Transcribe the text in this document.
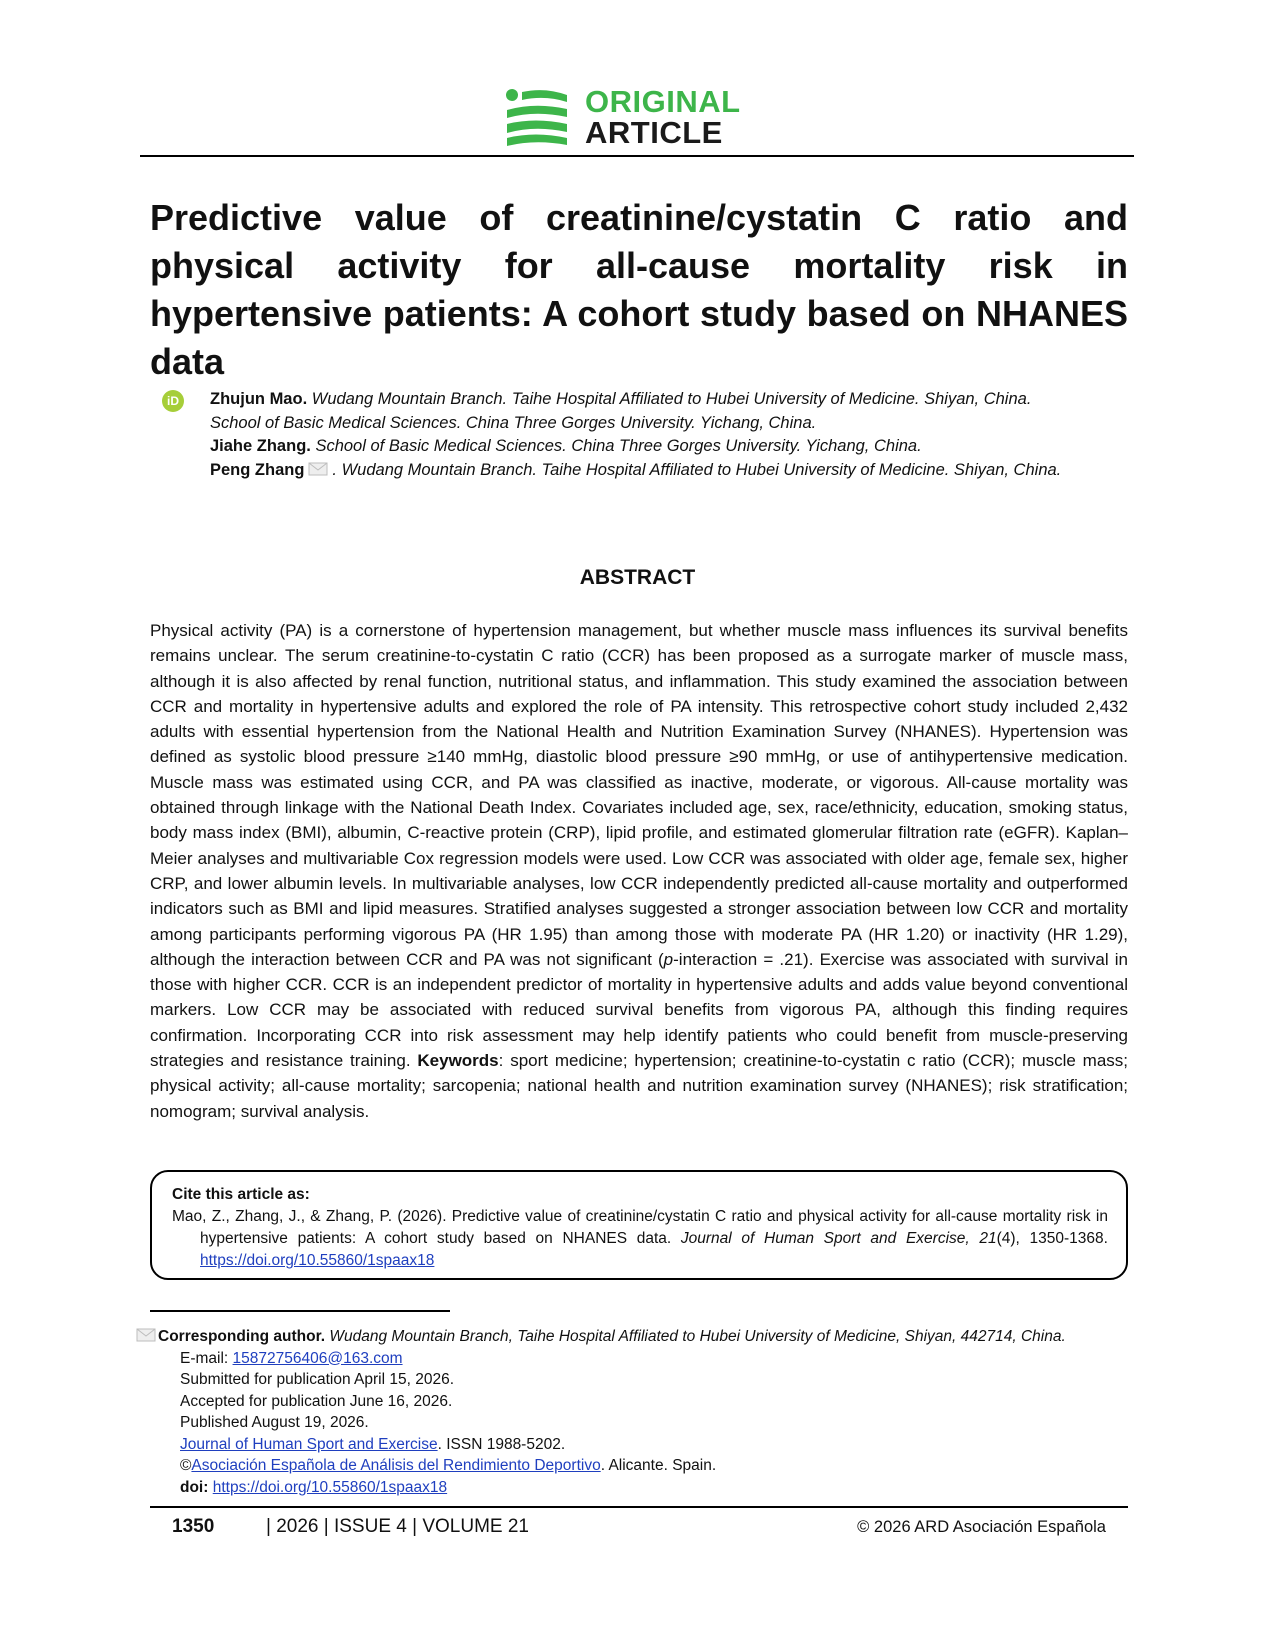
ORIGINAL
ARTICLE
Predictive value of creatinine/cystatin C ratio and physical activity for all-cause mortality risk in hypertensive patients: A cohort study based on NHANES data
iD	Zhujun Mao. Wudang Mountain Branch. Taihe Hospital Affiliated to Hubei University of Medicine. Shiyan, China.
School of Basic Medical Sciences. China Three Gorges University. Yichang, China.
Jiahe Zhang. School of Basic Medical Sciences. China Three Gorges University. Yichang, China.
Peng Zhang . Wudang Mountain Branch. Taihe Hospital Affiliated to Hubei University of Medicine. Shiyan, China.
ABSTRACT
Physical activity (PA) is a cornerstone of hypertension management, but whether muscle mass influences its survival benefits remains unclear. The serum creatinine-to-cystatin C ratio (CCR) has been proposed as a surrogate marker of muscle mass, although it is also affected by renal function, nutritional status, and inflammation. This study examined the association between CCR and mortality in hypertensive adults and explored the role of PA intensity. This retrospective cohort study included 2,432 adults with essential hypertension from the National Health and Nutrition Examination Survey (NHANES). Hypertension was defined as systolic blood pressure ≥140 mmHg, diastolic blood pressure ≥90 mmHg, or use of antihypertensive medication. Muscle mass was estimated using CCR, and PA was classified as inactive, moderate, or vigorous. All-cause mortality was obtained through linkage with the National Death Index. Covariates included age, sex, race/ethnicity, education, smoking status, body mass index (BMI), albumin, C-reactive protein (CRP), lipid profile, and estimated glomerular filtration rate (eGFR). Kaplan–Meier analyses and multivariable Cox regression models were used. Low CCR was associated with older age, female sex, higher CRP, and lower albumin levels. In multivariable analyses, low CCR independently predicted all-cause mortality and outperformed indicators such as BMI and lipid measures. Stratified analyses suggested a stronger association between low CCR and mortality among participants performing vigorous PA (HR 1.95) than among those with moderate PA (HR 1.20) or inactivity (HR 1.29), although the interaction between CCR and PA was not significant (p-interaction = .21). Exercise was associated with survival in those with higher CCR. CCR is an independent predictor of mortality in hypertensive adults and adds value beyond conventional markers. Low CCR may be associated with reduced survival benefits from vigorous PA, although this finding requires confirmation. Incorporating CCR into risk assessment may help identify patients who could benefit from muscle-preserving strategies and resistance training. Keywords: sport medicine; hypertension; creatinine-to-cystatin c ratio (CCR); muscle mass; physical activity; all-cause mortality; sarcopenia; national health and nutrition examination survey (NHANES); risk stratification; nomogram; survival analysis.
Cite this article as:
Mao, Z., Zhang, J., & Zhang, P. (2026). Predictive value of creatinine/cystatin C ratio and physical activity for all-cause mortality risk in hypertensive patients: A cohort study based on NHANES data. Journal of Human Sport and Exercise, 21(4), 1350-1368. https://doi.org/10.55860/1spaax18
Corresponding author. Wudang Mountain Branch, Taihe Hospital Affiliated to Hubei University of Medicine, Shiyan, 442714, China.
E-mail: 15872756406@163.com
Submitted for publication April 15, 2026.
Accepted for publication June 16, 2026.
Published August 19, 2026.
Journal of Human Sport and Exercise. ISSN 1988-5202.
©Asociación Española de Análisis del Rendimiento Deportivo. Alicante. Spain.
doi: https://doi.org/10.55860/1spaax18
1350	| 2026 | ISSUE 4 | VOLUME 21	© 2026 ARD Asociación Española
